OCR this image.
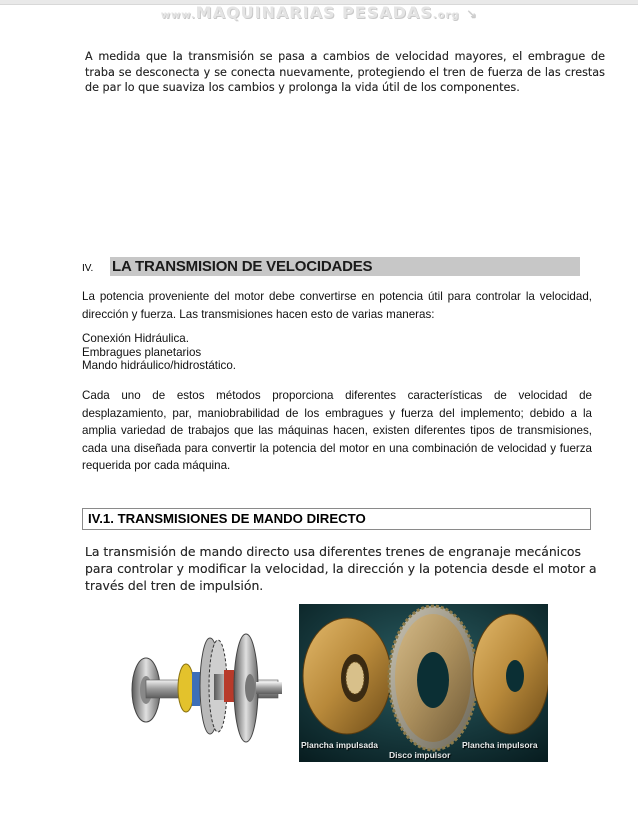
www.MAQUINARIAS PESADAS.org ↘
A medida que la transmisión se pasa a cambios de velocidad mayores, el embrague de traba se desconecta y se conecta nuevamente, protegiendo el tren de fuerza de las crestas de par lo que suaviza los cambios y prolonga la vida útil de los componentes.
IV. LA TRANSMISION DE VELOCIDADES
La potencia proveniente del motor debe convertirse en potencia útil para controlar la velocidad, dirección y fuerza. Las transmisiones hacen esto de varias maneras:
Conexión Hidráulica.
Embragues planetarios
Mando hidráulico/hidrostático.
Cada uno de estos métodos proporciona diferentes características de velocidad de desplazamiento, par, maniobrabilidad de los embragues y fuerza del implemento; debido a la amplia variedad de trabajos que las máquinas hacen, existen diferentes tipos de transmisiones, cada una diseñada para convertir la potencia del motor en una combinación de velocidad y fuerza requerida por cada máquina.
IV.1. TRANSMISIONES DE MANDO DIRECTO
La transmisión de mando directo usa diferentes trenes de engranaje mecánicos para controlar y modificar la velocidad, la dirección y la potencia desde el motor a través del tren de impulsión.
Plancha impulsada
Disco impulsor
Plancha impulsora
